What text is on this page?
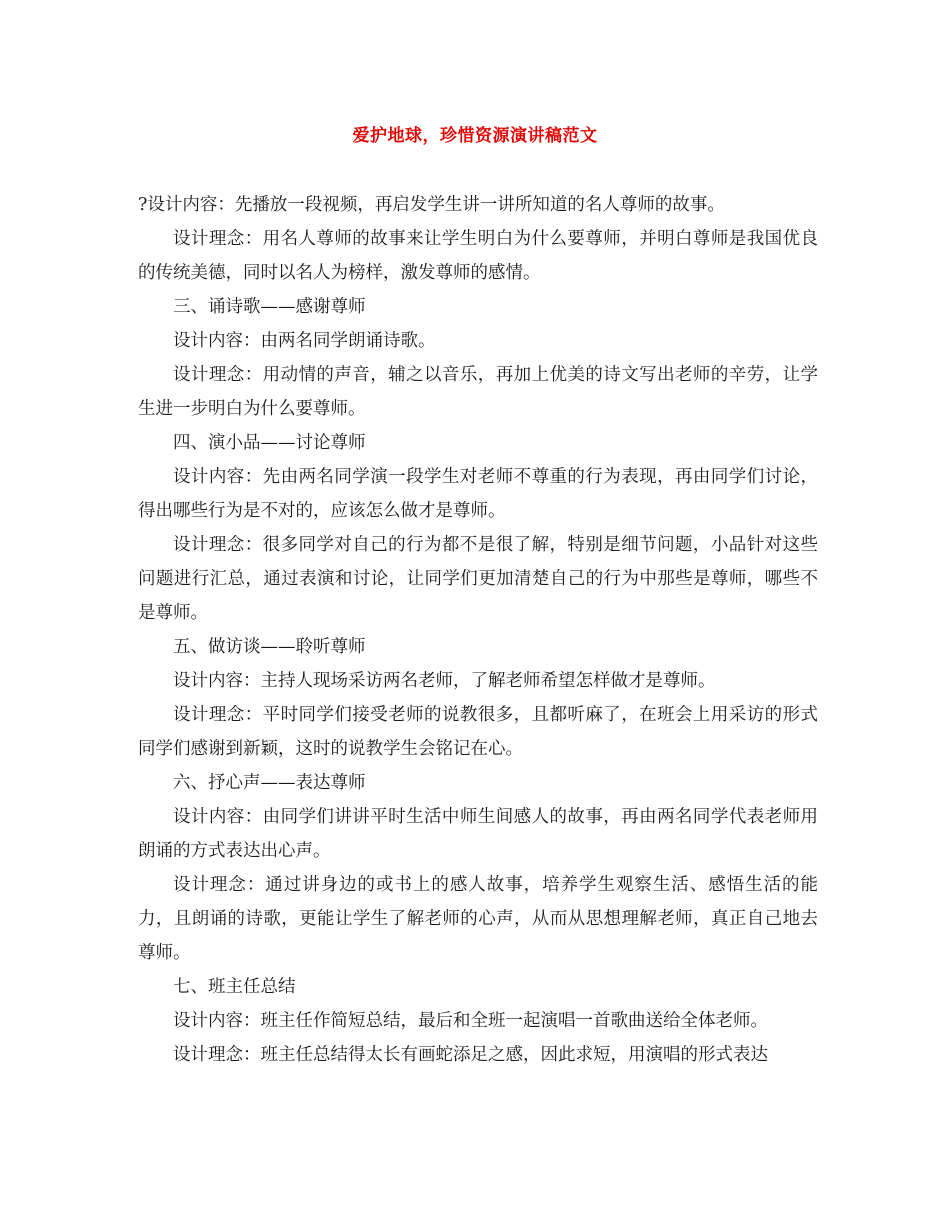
爱护地球，珍惜资源演讲稿范文

?设计内容：先播放一段视频，再启发学生讲一讲所知道的名人尊师的故事。

设计理念：用名人尊师的故事来让学生明白为什么要尊师，并明白尊师是我国优良的传统美德，同时以名人为榜样，激发尊师的感情。

三、诵诗歌——感谢尊师

设计内容：由两名同学朗诵诗歌。

设计理念：用动情的声音，辅之以音乐，再加上优美的诗文写出老师的辛劳，让学生进一步明白为什么要尊师。

四、演小品——讨论尊师

设计内容：先由两名同学演一段学生对老师不尊重的行为表现，再由同学们讨论，得出哪些行为是不对的，应该怎么做才是尊师。

设计理念：很多同学对自己的行为都不是很了解，特别是细节问题，小品针对这些问题进行汇总，通过表演和讨论，让同学们更加清楚自己的行为中那些是尊师，哪些不是尊师。

五、做访谈——聆听尊师

设计内容：主持人现场采访两名老师，了解老师希望怎样做才是尊师。

设计理念：平时同学们接受老师的说教很多，且都听麻了，在班会上用采访的形式同学们感谢到新颖，这时的说教学生会铭记在心。

六、抒心声——表达尊师

设计内容：由同学们讲讲平时生活中师生间感人的故事，再由两名同学代表老师用朗诵的方式表达出心声。

设计理念：通过讲身边的或书上的感人故事，培养学生观察生活、感悟生活的能力，且朗诵的诗歌，更能让学生了解老师的心声，从而从思想理解老师，真正自己地去尊师。

七、班主任总结

设计内容：班主任作简短总结，最后和全班一起演唱一首歌曲送给全体老师。

设计理念：班主任总结得太长有画蛇添足之感，因此求短，用演唱的形式表达
